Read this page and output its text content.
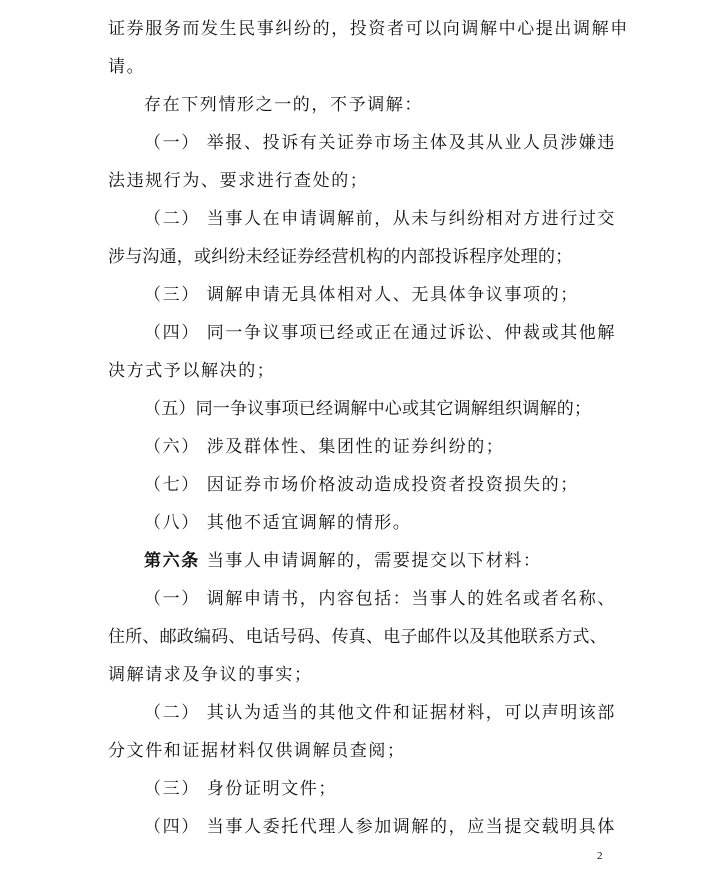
证券服务而发生民事纠纷的，投资者可以向调解中心提出调解申
请。
存在下列情形之一的，不予调解：
（一） 举报、投诉有关证券市场主体及其从业人员涉嫌违
法违规行为、要求进行查处的；
（二） 当事人在申请调解前，从未与纠纷相对方进行过交
涉与沟通，或纠纷未经证券经营机构的内部投诉程序处理的；
（三） 调解申请无具体相对人、无具体争议事项的；
（四） 同一争议事项已经或正在通过诉讼、仲裁或其他解
决方式予以解决的；
（五）同一争议事项已经调解中心或其它调解组织调解的；
（六） 涉及群体性、集团性的证券纠纷的；
（七） 因证券市场价格波动造成投资者投资损失的；
（八） 其他不适宜调解的情形。
第六条 当事人申请调解的，需要提交以下材料：
（一） 调解申请书，内容包括：当事人的姓名或者名称、
住所、邮政编码、电话号码、传真、电子邮件以及其他联系方式、
调解请求及争议的事实；
（二） 其认为适当的其他文件和证据材料，可以声明该部
分文件和证据材料仅供调解员查阅；
（三） 身份证明文件；
（四） 当事人委托代理人参加调解的，应当提交载明具体
2
